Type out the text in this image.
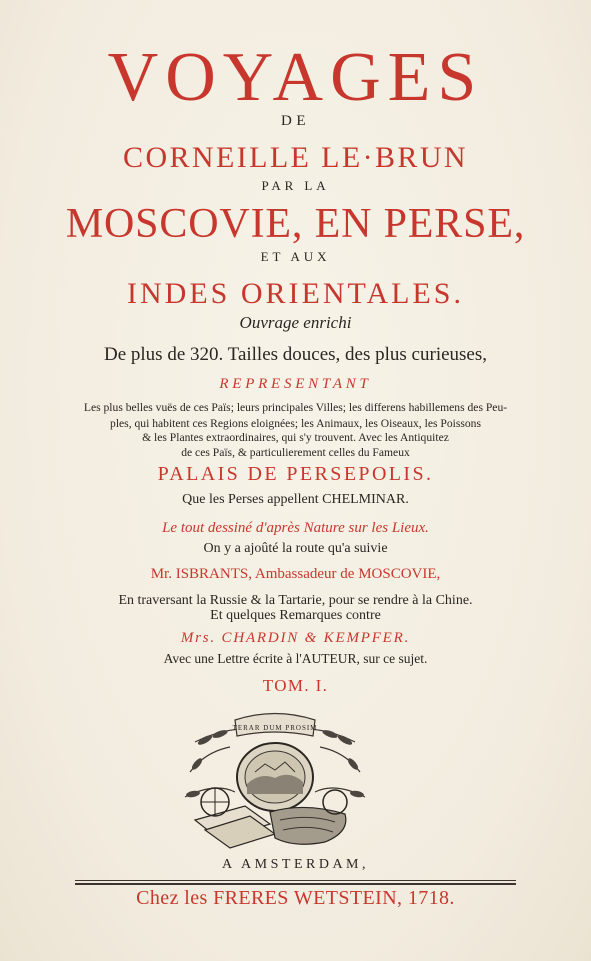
VOYAGES
DE
CORNEILLE LE·BRUN
PAR LA
MOSCOVIE, EN PERSE,
ET AUX
INDES ORIENTALES.
Ouvrage enrichi
De plus de 320. Tailles douces, des plus curieuses,
REPRESENTANT
Les plus belles vuës de ces Païs; leurs principales Villes; les differens habillemens des Peu-
ples, qui habitent ces Regions eloignées; les Animaux, les Oiseaux, les Poissons
& les Plantes extraordinaires, qui s'y trouvent. Avec les Antiquitez
de ces Païs, & particulierement celles du Fameux
PALAIS DE PERSEPOLIS.
Que les Perses appellent CHELMINAR.
Le tout dessiné d'après Nature sur les Lieux.
On y a ajoûté la route qu'a suivie
Mr. ISBRANTS, Ambassadeur de MOSCOVIE,
En traversant la Russie & la Tartarie, pour se rendre à la Chine.
Et quelques Remarques contre
Mrs. CHARDIN & KEMPFER.
Avec une Lettre écrite à l'AUTEUR, sur ce sujet.
TOM. I.
TERAR DUM PROSIM
A AMSTERDAM,
Chez les FRERES WETSTEIN, 1718.
